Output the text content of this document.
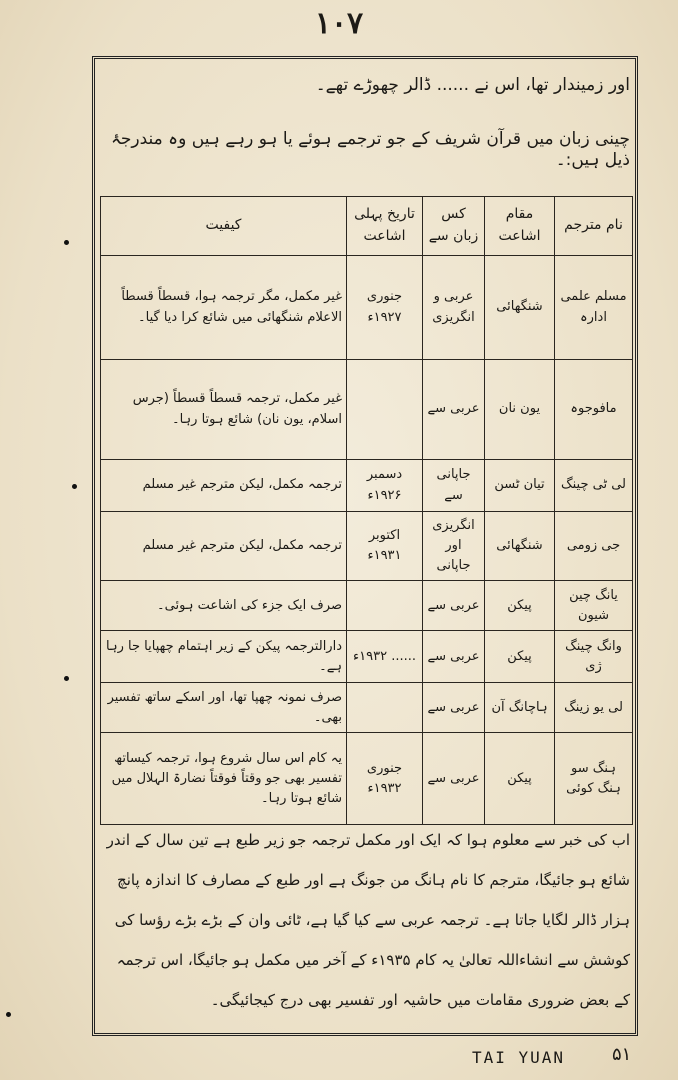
۱۰۷
اور زمیندار تھا، اس نے ...... ڈالر چھوڑے تھے۔
چینی زبان میں قرآن شریف کے جو ترجمے ہوئے یا ہو رہے ہیں وہ مندرجۂ ذیل ہیں:۔
نام مترجم	مقام اشاعت	کس زبان سے	تاریخ پہلی اشاعت	کیفیت
مسلم علمی ادارہ	شنگھائی	عربی و انگریزی	جنوری ۱۹۲۷ء	غیر مکمل، مگر ترجمہ ہوا، قسطاً قسطاً الاعلام شنگھائی میں شائع کرا دیا گیا۔
مافوجوہ	یون نان	عربی سے		غیر مکمل، ترجمہ قسطاً قسطاً (جرس اسلام، یون نان) شائع ہوتا رہا۔
لی ٹی چینگ	تیان ٹسن	جاپانی سے	دسمبر ۱۹۲۶ء	ترجمہ مکمل، لیکن مترجم غیر مسلم
جی زومی	شنگھائی	انگریزی اور جاپانی	اکتوبر ۱۹۳۱ء	ترجمہ مکمل، لیکن مترجم غیر مسلم
یانگ چین شیون	پیکن	عربی سے		صرف ایک جزء کی اشاعت ہوئی۔
وانگ چینگ ژی	پیکن	عربی سے	...... ۱۹۳۲ء	دارالترجمہ پیکن کے زیر اہتمام چھپایا جا رہا ہے۔
لی یو زینگ	ہاچانگ آن	عربی سے		صرف نمونہ چھپا تھا، اور اسکے ساتھ تفسیر بھی۔
ہنگ سو ہنگ کوئی	پیکن	عربی سے	جنوری ۱۹۳۲ء	یہ کام اس سال شروع ہوا، ترجمہ کیساتھ تفسیر بھی جو وقتاً فوقتاً نضارۃ الہلال میں شائع ہوتا رہا۔
اب کی خبر سے معلوم ہوا کہ ایک اور مکمل ترجمہ جو زیر طبع ہے تین سال کے اندر شائع ہو جائیگا، مترجم کا نام ہانگ من جونگ ہے اور طبع کے مصارف کا اندازہ پانچ ہزار ڈالر لگایا جاتا ہے۔ ترجمہ عربی سے کیا گیا ہے، ٹائی وان کے بڑے بڑے رؤسا کی کوشش سے انشاءاللہ تعالیٰ یہ کام ۱۹۳۵ء کے آخر میں مکمل ہو جائیگا، اس ترجمہ کے بعض ضروری مقامات میں حاشیہ اور تفسیر بھی درج کیجائیگی۔
TAI YUAN	۵۱
